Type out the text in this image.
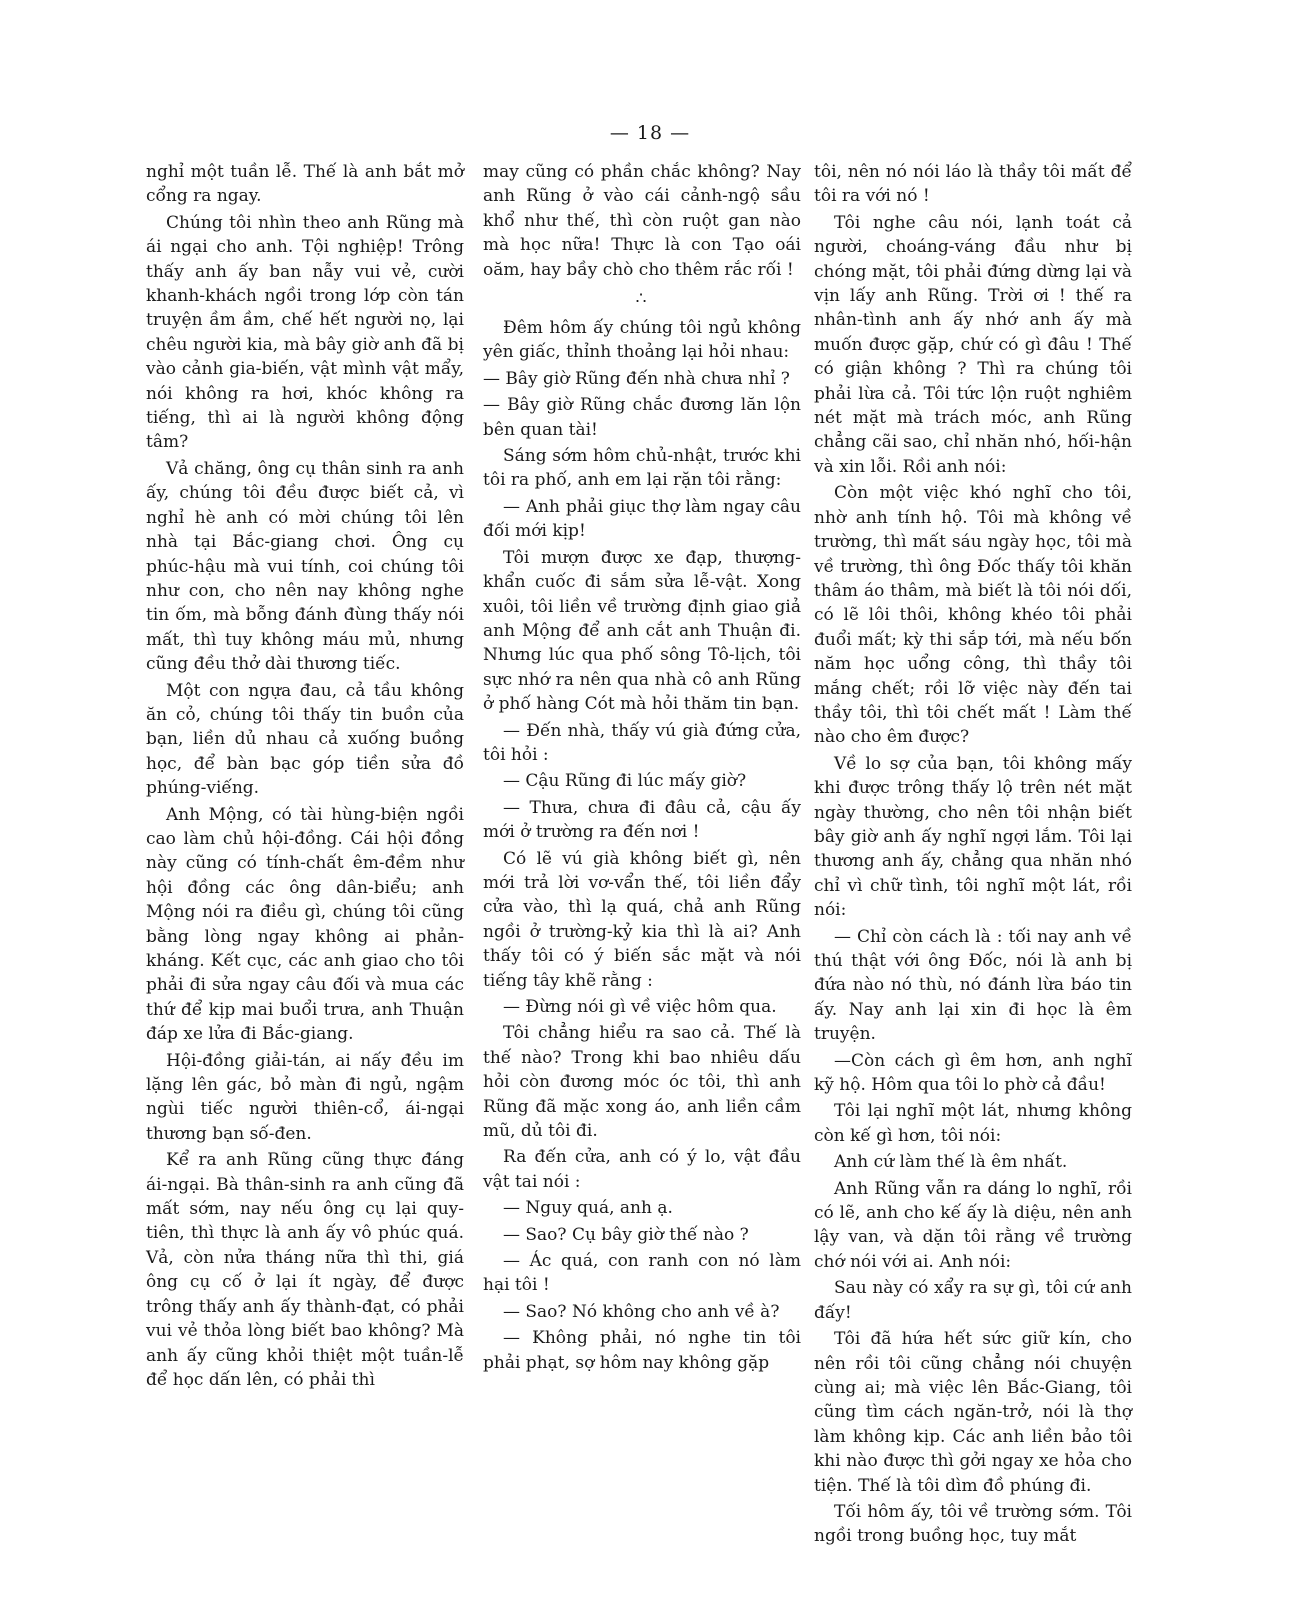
— 18 —

nghỉ một tuần lễ. Thế là anh bắt mở cổng ra ngay.

Chúng tôi nhìn theo anh Rũng mà ái ngại cho anh. Tội nghiệp! Trông thấy anh ấy ban nẫy vui vẻ, cười khanh-khách ngồi trong lớp còn tán truyện ầm ầm, chế hết người nọ, lại chêu người kia, mà bây giờ anh đã bị vào cảnh gia-biến, vật mình vật mẩy, nói không ra hơi, khóc không ra tiếng, thì ai là người không động tâm?

Vả chăng, ông cụ thân sinh ra anh ấy, chúng tôi đều được biết cả, vì nghỉ hè anh có mời chúng tôi lên nhà tại Bắc-giang chơi. Ông cụ phúc-hậu mà vui tính, coi chúng tôi như con, cho nên nay không nghe tin ốm, mà bỗng đánh đùng thấy nói mất, thì tuy không máu mủ, nhưng cũng đều thở dài thương tiếc.

Một con ngựa đau, cả tầu không ăn cỏ, chúng tôi thấy tin buồn của bạn, liền dủ nhau cả xuống buồng học, để bàn bạc góp tiền sửa đồ phúng-viếng.

Anh Mộng, có tài hùng-biện ngồi cao làm chủ hội-đồng. Cái hội đồng này cũng có tính-chất êm-đềm như hội đồng các ông dân-biểu; anh Mộng nói ra điều gì, chúng tôi cũng bằng lòng ngay không ai phản-kháng. Kết cục, các anh giao cho tôi phải đi sửa ngay câu đối và mua các thứ để kịp mai buổi trưa, anh Thuận đáp xe lửa đi Bắc-giang.

Hội-đồng giải-tán, ai nấy đều im lặng lên gác, bỏ màn đi ngủ, ngậm ngùi tiếc người thiên-cổ, ái-ngại thương bạn số-đen.

Kể ra anh Rũng cũng thực đáng ái-ngại. Bà thân-sinh ra anh cũng đã mất sớm, nay nếu ông cụ lại quy-tiên, thì thực là anh ấy vô phúc quá. Vả, còn nửa tháng nữa thì thi, giá ông cụ cố ở lại ít ngày, để được trông thấy anh ấy thành-đạt, có phải vui vẻ thỏa lòng biết bao không? Mà anh ấy cũng khỏi thiệt một tuần-lễ để học dấn lên, có phải thì

may cũng có phần chắc không? Nay anh Rũng ở vào cái cảnh-ngộ sầu khổ như thế, thì còn ruột gan nào mà học nữa! Thực là con Tạo oái oăm, hay bầy chò cho thêm rắc rối !

∴

Đêm hôm ấy chúng tôi ngủ không yên giấc, thỉnh thoảng lại hỏi nhau:

— Bây giờ Rũng đến nhà chưa nhỉ ?

— Bây giờ Rũng chắc đương lăn lộn bên quan tài!

Sáng sớm hôm chủ-nhật, trước khi tôi ra phố, anh em lại rặn tôi rằng:

— Anh phải giục thợ làm ngay câu đối mới kịp!

Tôi mượn được xe đạp, thượng-khẩn cuốc đi sắm sửa lễ-vật. Xong xuôi, tôi liền về trường định giao giả anh Mộng để anh cắt anh Thuận đi. Nhưng lúc qua phố sông Tô-lịch, tôi sực nhớ ra nên qua nhà cô anh Rũng ở phố hàng Cót mà hỏi thăm tin bạn.

— Đến nhà, thấy vú già đứng cửa, tôi hỏi :

— Cậu Rũng đi lúc mấy giờ?

— Thưa, chưa đi đâu cả, cậu ấy mới ở trường ra đến nơi !

Có lẽ vú già không biết gì, nên mới trả lời vơ-vẩn thế, tôi liền đẩy cửa vào, thì lạ quá, chả anh Rũng ngồi ở trường-kỷ kia thì là ai? Anh thấy tôi có ý biến sắc mặt và nói tiếng tây khẽ rằng :

— Đừng nói gì về việc hôm qua.

Tôi chẳng hiểu ra sao cả. Thế là thế nào? Trong khi bao nhiêu dấu hỏi còn đương móc óc tôi, thì anh Rũng đã mặc xong áo, anh liền cầm mũ, dủ tôi đi.

Ra đến cửa, anh có ý lo, vật đầu vật tai nói :

— Nguy quá, anh ạ.

— Sao? Cụ bây giờ thế nào ?

— Ác quá, con ranh con nó làm hại tôi !

— Sao? Nó không cho anh về à?

— Không phải, nó nghe tin tôi phải phạt, sợ hôm nay không gặp

tôi, nên nó nói láo là thầy tôi mất để tôi ra với nó !

Tôi nghe câu nói, lạnh toát cả người, choáng-váng đầu như bị chóng mặt, tôi phải đứng dừng lại và vịn lấy anh Rũng. Trời ơi ! thế ra nhân-tình anh ấy nhớ anh ấy mà muốn được gặp, chứ có gì đâu ! Thế có giận không ? Thì ra chúng tôi phải lừa cả. Tôi tức lộn ruột nghiêm nét mặt mà trách móc, anh Rũng chẳng cãi sao, chỉ nhăn nhó, hối-hận và xin lỗi. Rồi anh nói:

Còn một việc khó nghĩ cho tôi, nhờ anh tính hộ. Tôi mà không về trường, thì mất sáu ngày học, tôi mà về trường, thì ông Đốc thấy tôi khăn thâm áo thâm, mà biết là tôi nói dối, có lẽ lôi thôi, không khéo tôi phải đuổi mất; kỳ thi sắp tới, mà nếu bốn năm học uổng công, thì thầy tôi mắng chết; rồi lỡ việc này đến tai thầy tôi, thì tôi chết mất ! Làm thế nào cho êm được?

Về lo sợ của bạn, tôi không mấy khi được trông thấy lộ trên nét mặt ngày thường, cho nên tôi nhận biết bây giờ anh ấy nghĩ ngợi lắm. Tôi lại thương anh ấy, chẳng qua nhăn nhó chỉ vì chữ tình, tôi nghĩ một lát, rồi nói:

— Chỉ còn cách là : tối nay anh về thú thật với ông Đốc, nói là anh bị đứa nào nó thù, nó đánh lừa báo tin ấy. Nay anh lại xin đi học là êm truyện.

—Còn cách gì êm hơn, anh nghĩ kỹ hộ. Hôm qua tôi lo phờ cả đầu!

Tôi lại nghĩ một lát, nhưng không còn kế gì hơn, tôi nói:

Anh cứ làm thế là êm nhất.

Anh Rũng vẫn ra dáng lo nghĩ, rồi có lẽ, anh cho kế ấy là diệu, nên anh lậy van, và dặn tôi rằng về trường chớ nói với ai. Anh nói:

Sau này có xẩy ra sự gì, tôi cứ anh đấy!

Tôi đã hứa hết sức giữ kín, cho nên rồi tôi cũng chẳng nói chuyện cùng ai; mà việc lên Bắc-Giang, tôi cũng tìm cách ngăn-trở, nói là thợ làm không kịp. Các anh liền bảo tôi khi nào được thì gởi ngay xe hỏa cho tiện. Thế là tôi dìm đồ phúng đi.

Tối hôm ấy, tôi về trường sớm. Tôi ngồi trong buồng học, tuy mắt
